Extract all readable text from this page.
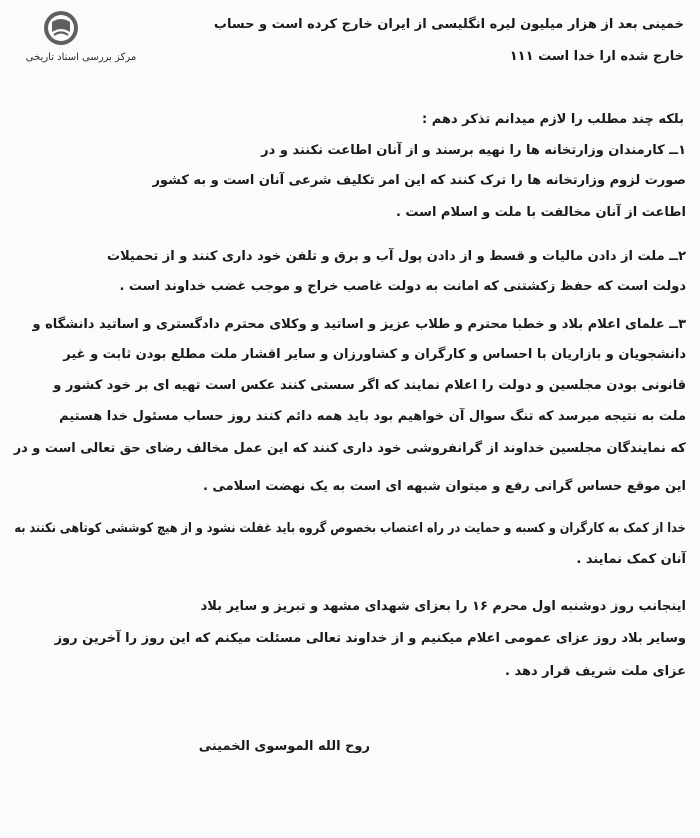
مرکز بررسی اسناد تاریخی
خمینی بعد از هزار میلیون لیره انگلیسی از ایران خارج کرده است و حساب
خارج شده ارا خدا است ۱۱۱
بلکه چند مطلب را لازم میدانم تذکر دهم :
۱ــ کارمندان وزارتخانه ها را نهیه برسند و از آنان اطاعت نکنند و در
صورت لزوم وزارتخانه ها را ترک کنند که این امر تکلیف شرعی آنان است و به کشور
اطاعت از آنان مخالفت با ملت و اسلام است .
۲ــ ملت از دادن مالیات و قسط و از دادن پول آب و برق و تلفن خود داری کنند و از تحمیلات
دولت است که حفظ زکشتنی که امانت به دولت غاصب خراج و موجب غضب خداوند است .
۳ــ علمای اعلام بلاد و خطبا محترم و طلاب عزیز و اساتید و وکلای محترم دادگستری و اساتید دانشگاه و
دانشجویان و بازاریان با احساس و کارگران و کشاورزان و سایر اقشار ملت مطلع بودن ثابت و غیر
قانونی بودن مجلسین و دولت را اعلام نمایند که اگر سستی کنند عکس است تهیه ای بر خود کشور و
ملت به نتیجه میرسد که تنگ سوال آن خواهیم بود باید همه دائم کنند روز حساب مسئول خدا هستیم
که نمایندگان مجلسین خداوند از گرانفروشی خود داری کنند که این عمل مخالف رضای حق تعالی است و در
این موقع حساس گرانی رفع و میتوان شبهه ای است به یک نهضت اسلامی .
خدا از کمک به کارگران و کسبه و حمایت در راه اعتصاب بخصوص گروه باید غفلت نشود و از هیچ کوششی کوتاهی نکنند به
آنان کمک نمایند .
اینجانب روز دوشنبه اول محرم ۱۶ را بعزای شهدای مشهد و تبریز و سایر بلاد
وسایر بلاد روز عزای عمومی اعلام میکنیم و از خداوند تعالی مسئلت میکنم که این روز را آخرین روز
عزای ملت شریف قرار دهد .
روح الله الموسوی الخمینی
